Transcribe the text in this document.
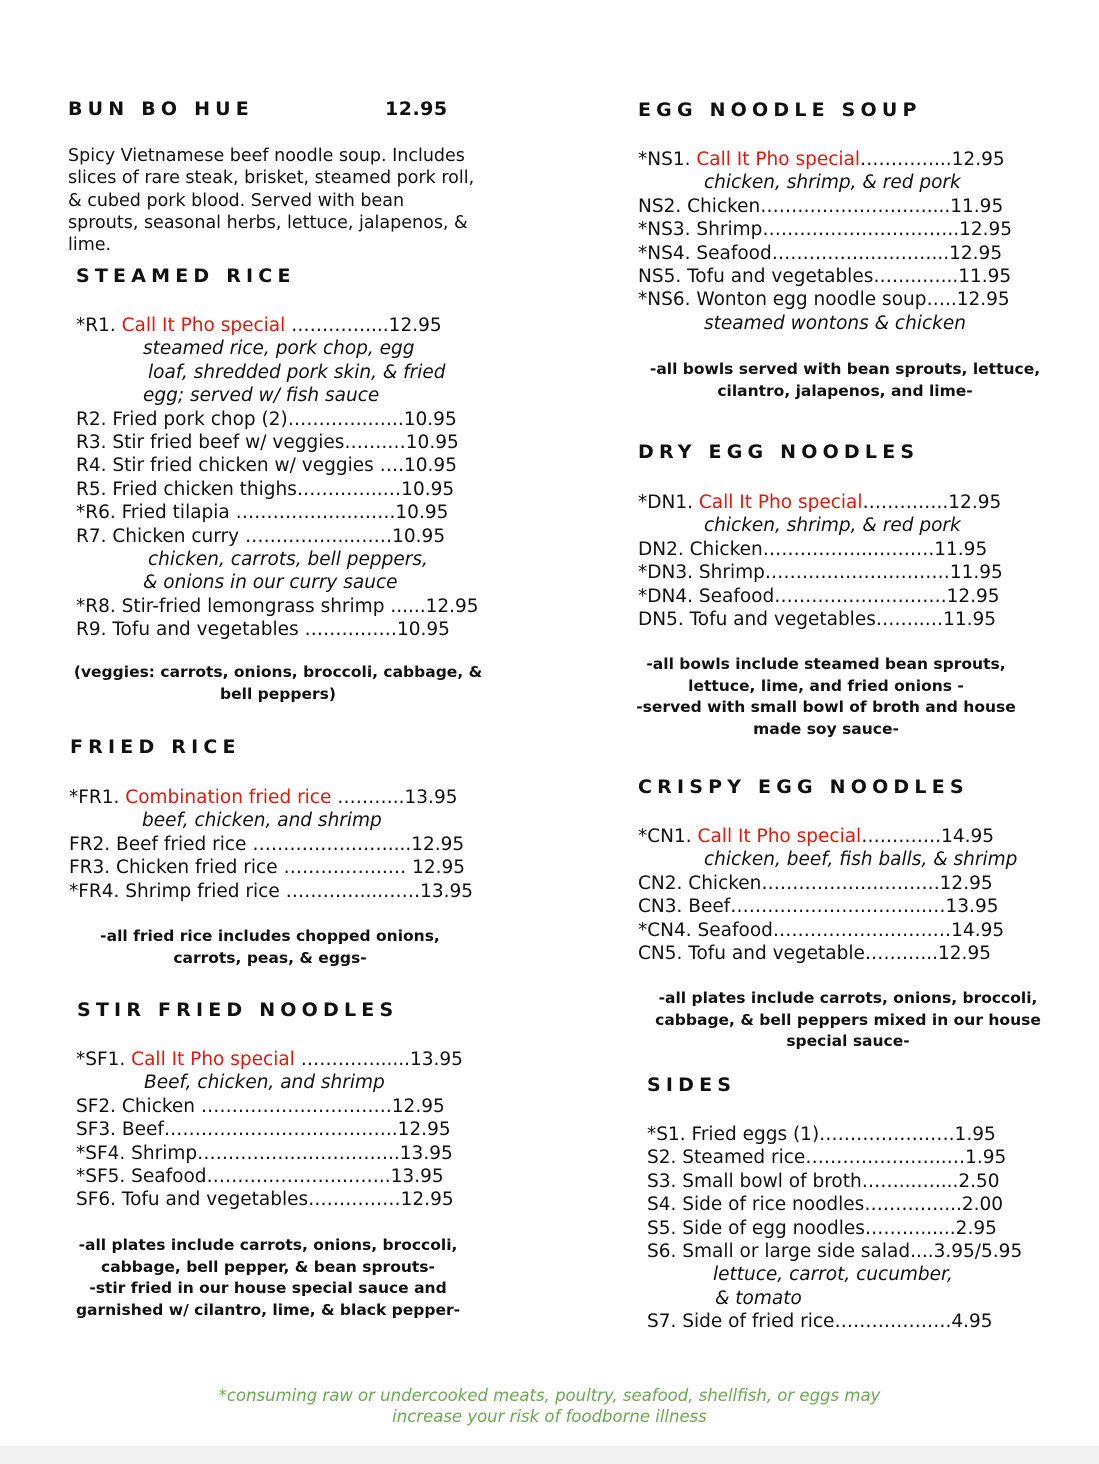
BUN BO HUE	12.95
Spicy Vietnamese beef noodle soup. Includes
slices of rare steak, brisket, steamed pork roll,
& cubed pork blood. Served with bean
sprouts, seasonal herbs, lettuce, jalapenos, &
lime.
STEAMED RICE
*R1. Call It Pho special …………....12.95
steamed rice, pork chop, egg
loaf, shredded pork skin, & fried
egg; served w/ fish sauce
R2. Fried pork chop (2)…………..…..10.95
R3. Stir fried beef w/ veggies…….…10.95
R4. Stir fried chicken w/ veggies ….10.95
R5. Fried chicken thighs…………..…10.95
*R6. Fried tilapia ……………….…….10.95
R7. Chicken curry ……………...……10.95
chicken, carrots, bell peppers,
& onions in our curry sauce
*R8. Stir-fried lemongrass shrimp ......12.95
R9. Tofu and vegetables ……………10.95
(veggies: carrots, onions, broccoli, cabbage, &
bell peppers)
FRIED RICE
*FR1. Combination fried rice ………..13.95
beef, chicken, and shrimp
FR2. Beef fried rice …………….……....12.95
FR3. Chicken fried rice ……………..… 12.95
*FR4. Shrimp fried rice …………....……13.95
-all fried rice includes chopped onions,
carrots, peas, & eggs-
STIR FRIED NOODLES
*SF1. Call It Pho special …………......13.95
Beef, chicken, and shrimp
SF2. Chicken ………………………….12.95
SF3. Beef………………………………..12.95
*SF4. Shrimp…………….……………..13.95
*SF5. Seafood………………….……..13.95
SF6. Tofu and vegetables……………12.95
-all plates include carrots, onions, broccoli,
cabbage, bell pepper, & bean sprouts-
-stir fried in our house special sauce and
garnished w/ cilantro, lime, & black pepper-
EGG NOODLE SOUP
*NS1. Call It Pho special…………...12.95
chicken, shrimp, & red pork
NS2. Chicken………………………....11.95
*NS3. Shrimp…………………………..12.95
*NS4. Seafood…………….….……...12.95
NS5. Tofu and vegetables……..…...11.95
*NS6. Wonton egg noodle soup…..12.95
steamed wontons & chicken
-all bowls served with bean sprouts, lettuce,
cilantro, jalapenos, and lime-
DRY EGG NOODLES
*DN1. Call It Pho special…………..12.95
chicken, shrimp, & red pork
DN2. Chicken……………...……….11.95
*DN3. Shrimp…………………………11.95
*DN4. Seafood……………………….12.95
DN5. Tofu and vegetables……..…11.95
-all bowls include steamed bean sprouts,
lettuce, lime, and fried onions -
-served with small bowl of broth and house
made soy sauce-
CRISPY EGG NOODLES
*CN1. Call It Pho special………….14.95
chicken, beef, fish balls, & shrimp
CN2. Chicken……………….……….12.95
CN3. Beef…………………………..…13.95
*CN4. Seafood……………….…….…14.95
CN5. Tofu and vegetable………...12.95
-all plates include carrots, onions, broccoli,
cabbage, & bell peppers mixed in our house
special sauce-
SIDES
*S1. Fried eggs (1)………………….1.95
S2. Steamed rice…………………..…1.95
S3. Small bowl of broth……...…....2.50
S4. Side of rice noodles…………....2.00
S5. Side of egg noodles………......2.95
S6. Small or large side salad....3.95/5.95
lettuce, carrot, cucumber,
& tomato
S7. Side of fried rice……………….4.95
*consuming raw or undercooked meats, poultry, seafood, shellfish, or eggs may
increase your risk of foodborne illness
